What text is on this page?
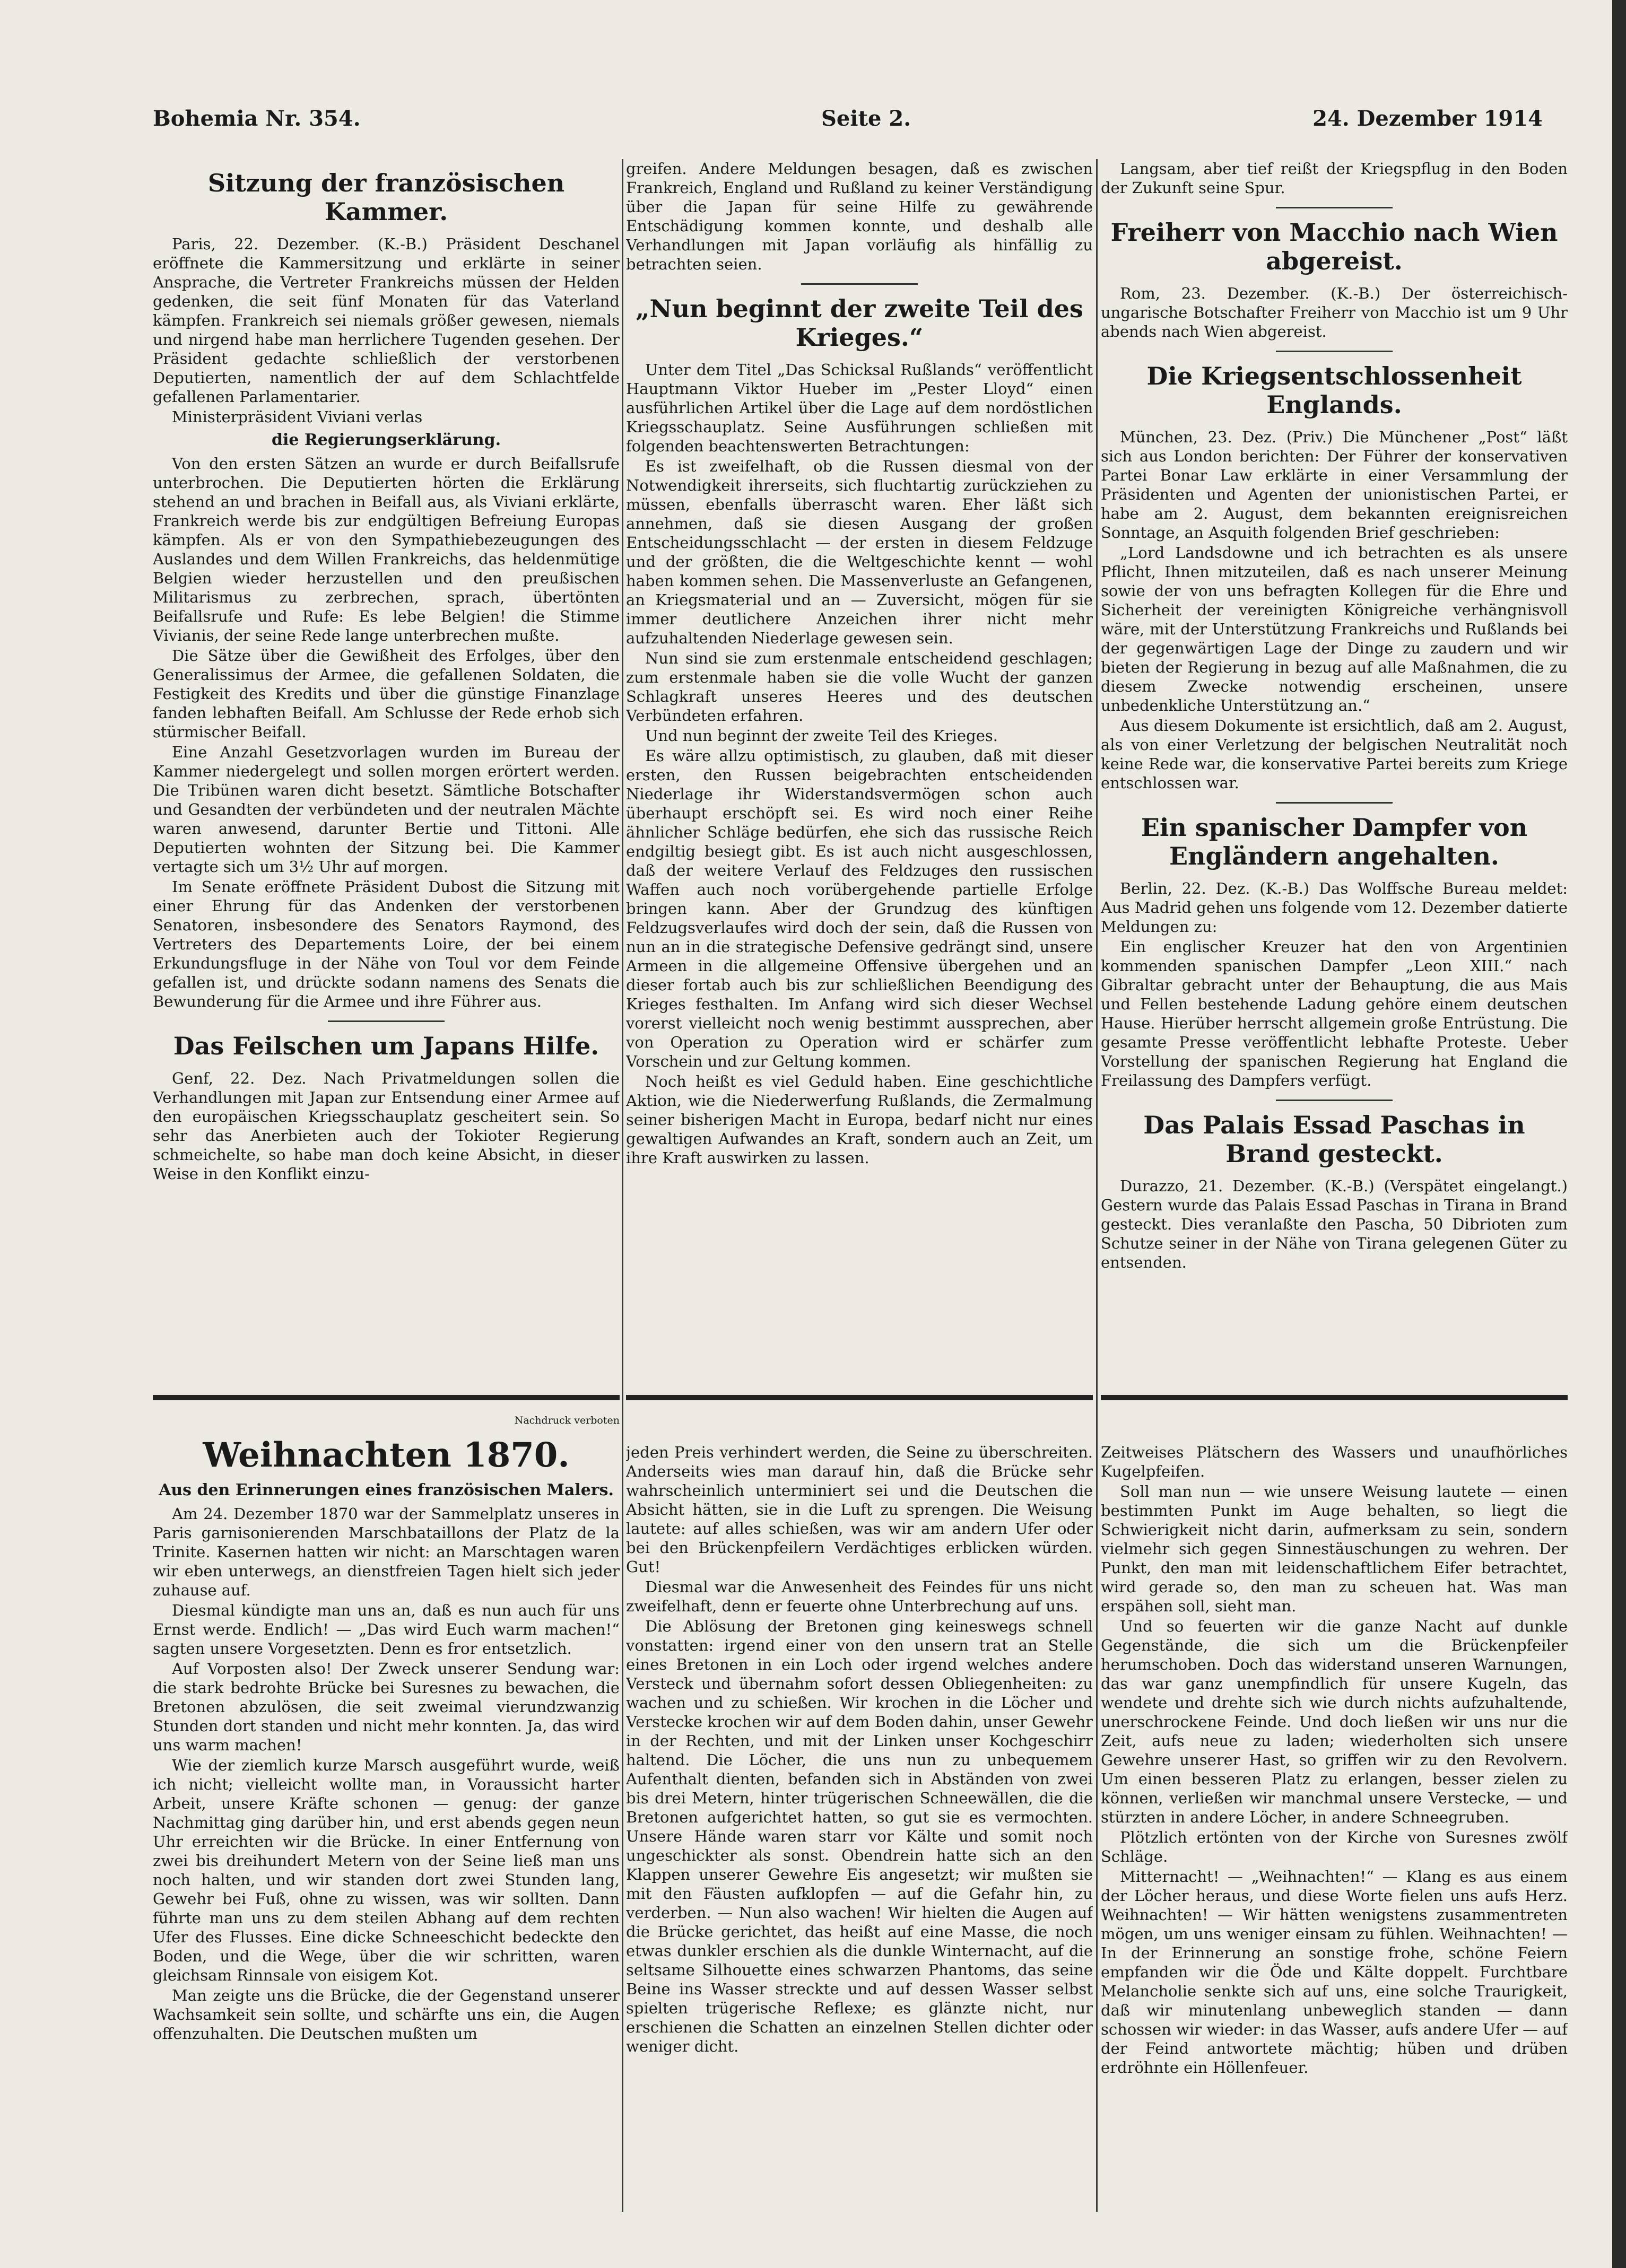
Bohemia Nr. 354.	Seite 2.	24. Dezember 1914
Sitzung der französischen Kammer.

Paris, 22. Dezember. (K.-B.) Präsident Deschanel eröffnete die Kammersitzung und erklärte in seiner Ansprache, die Vertreter Frankreichs müssen der Helden gedenken, die seit fünf Monaten für das Vaterland kämpfen. Frankreich sei niemals größer gewesen, niemals und nirgend habe man herrlichere Tugenden gesehen. Der Präsident gedachte schließlich der verstorbenen Deputierten, namentlich der auf dem Schlachtfelde gefallenen Parlamentarier.

Ministerpräsident Viviani verlas

die Regierungserklärung.

Von den ersten Sätzen an wurde er durch Beifallsrufe unterbrochen. Die Deputierten hörten die Erklärung stehend an und brachen in Beifall aus, als Viviani erklärte, Frankreich werde bis zur endgültigen Befreiung Europas kämpfen. Als er von den Sympathiebezeugungen des Auslandes und dem Willen Frankreichs, das heldenmütige Belgien wieder herzustellen und den preußischen Militarismus zu zerbrechen, sprach, übertönten Beifallsrufe und Rufe: Es lebe Belgien! die Stimme Vivianis, der seine Rede lange unterbrechen mußte.

Die Sätze über die Gewißheit des Erfolges, über den Generalissimus der Armee, die gefallenen Soldaten, die Festigkeit des Kredits und über die günstige Finanzlage fanden lebhaften Beifall. Am Schlusse der Rede erhob sich stürmischer Beifall.

Eine Anzahl Gesetzvorlagen wurden im Bureau der Kammer niedergelegt und sollen morgen erörtert werden. Die Tribünen waren dicht besetzt. Sämtliche Botschafter und Gesandten der verbündeten und der neutralen Mächte waren anwesend, darunter Bertie und Tittoni. Alle Deputierten wohnten der Sitzung bei. Die Kammer vertagte sich um 3½ Uhr auf morgen.

Im Senate eröffnete Präsident Dubost die Sitzung mit einer Ehrung für das Andenken der verstorbenen Senatoren, insbesondere des Senators Raymond, des Vertreters des Departements Loire, der bei einem Erkundungsfluge in der Nähe von Toul vor dem Feinde gefallen ist, und drückte sodann namens des Senats die Bewunderung für die Armee und ihre Führer aus.

Das Feilschen um Japans Hilfe.

Genf, 22. Dez. Nach Privatmeldungen sollen die Verhandlungen mit Japan zur Entsendung einer Armee auf den europäischen Kriegsschauplatz gescheitert sein. So sehr das Anerbieten auch der Tokioter Regierung schmeichelte, so habe man doch keine Absicht, in dieser Weise in den Konflikt einzu-

greifen. Andere Meldungen besagen, daß es zwischen Frankreich, England und Rußland zu keiner Verständigung über die Japan für seine Hilfe zu gewährende Entschädigung kommen konnte, und deshalb alle Verhandlungen mit Japan vorläufig als hinfällig zu betrachten seien.

„Nun beginnt der zweite Teil des Krieges.“

Unter dem Titel „Das Schicksal Rußlands“ veröffentlicht Hauptmann Viktor Hueber im „Pester Lloyd“ einen ausführlichen Artikel über die Lage auf dem nordöstlichen Kriegsschauplatz. Seine Ausführungen schließen mit folgenden beachtenswerten Betrachtungen:

Es ist zweifelhaft, ob die Russen diesmal von der Notwendigkeit ihrerseits, sich fluchtartig zurückziehen zu müssen, ebenfalls überrascht waren. Eher läßt sich annehmen, daß sie diesen Ausgang der großen Entscheidungsschlacht — der ersten in diesem Feldzuge und der größten, die die Weltgeschichte kennt — wohl haben kommen sehen. Die Massenverluste an Gefangenen, an Kriegsmaterial und an — Zuversicht, mögen für sie immer deutlichere Anzeichen ihrer nicht mehr aufzuhaltenden Niederlage gewesen sein.

Nun sind sie zum erstenmale entscheidend geschlagen; zum erstenmale haben sie die volle Wucht der ganzen Schlagkraft unseres Heeres und des deutschen Verbündeten erfahren.

Und nun beginnt der zweite Teil des Krieges.

Es wäre allzu optimistisch, zu glauben, daß mit dieser ersten, den Russen beigebrachten entscheidenden Niederlage ihr Widerstandsvermögen schon auch überhaupt erschöpft sei. Es wird noch einer Reihe ähnlicher Schläge bedürfen, ehe sich das russische Reich endgiltig besiegt gibt. Es ist auch nicht ausgeschlossen, daß der weitere Verlauf des Feldzuges den russischen Waffen auch noch vorübergehende partielle Erfolge bringen kann. Aber der Grundzug des künftigen Feldzugsverlaufes wird doch der sein, daß die Russen von nun an in die strategische Defensive gedrängt sind, unsere Armeen in die allgemeine Offensive übergehen und an dieser fortab auch bis zur schließlichen Beendigung des Krieges festhalten. Im Anfang wird sich dieser Wechsel vorerst vielleicht noch wenig bestimmt aussprechen, aber von Operation zu Operation wird er schärfer zum Vorschein und zur Geltung kommen.

Noch heißt es viel Geduld haben. Eine geschichtliche Aktion, wie die Niederwerfung Rußlands, die Zermalmung seiner bisherigen Macht in Europa, bedarf nicht nur eines gewaltigen Aufwandes an Kraft, sondern auch an Zeit, um ihre Kraft auswirken zu lassen.

Langsam, aber tief reißt der Kriegspflug in den Boden der Zukunft seine Spur.

Freiherr von Macchio nach Wien abgereist.

Rom, 23. Dezember. (K.-B.) Der österreichisch-ungarische Botschafter Freiherr von Macchio ist um 9 Uhr abends nach Wien abgereist.

Die Kriegsentschlossenheit Englands.

München, 23. Dez. (Priv.) Die Münchener „Post“ läßt sich aus London berichten: Der Führer der konservativen Partei Bonar Law erklärte in einer Versammlung der Präsidenten und Agenten der unionistischen Partei, er habe am 2. August, dem bekannten ereignisreichen Sonntage, an Asquith folgenden Brief geschrieben:

„Lord Landsdowne und ich betrachten es als unsere Pflicht, Ihnen mitzuteilen, daß es nach unserer Meinung sowie der von uns befragten Kollegen für die Ehre und Sicherheit der vereinigten Königreiche verhängnisvoll wäre, mit der Unterstützung Frankreichs und Rußlands bei der gegenwärtigen Lage der Dinge zu zaudern und wir bieten der Regierung in bezug auf alle Maßnahmen, die zu diesem Zwecke notwendig erscheinen, unsere unbedenkliche Unterstützung an.“

Aus diesem Dokumente ist ersichtlich, daß am 2. August, als von einer Verletzung der belgischen Neutralität noch keine Rede war, die konservative Partei bereits zum Kriege entschlossen war.

Ein spanischer Dampfer von Engländern angehalten.

Berlin, 22. Dez. (K.-B.) Das Wolffsche Bureau meldet: Aus Madrid gehen uns folgende vom 12. Dezember datierte Meldungen zu:

Ein englischer Kreuzer hat den von Argentinien kommenden spanischen Dampfer „Leon XIII.“ nach Gibraltar gebracht unter der Behauptung, die aus Mais und Fellen bestehende Ladung gehöre einem deutschen Hause. Hierüber herrscht allgemein große Entrüstung. Die gesamte Presse veröffentlicht lebhafte Proteste. Ueber Vorstellung der spanischen Regierung hat England die Freilassung des Dampfers verfügt.

Das Palais Essad Paschas in Brand gesteckt.

Durazzo, 21. Dezember. (K.-B.) (Verspätet eingelangt.) Gestern wurde das Palais Essad Paschas in Tirana in Brand gesteckt. Dies veranlaßte den Pascha, 50 Dibrioten zum Schutze seiner in der Nähe von Tirana gelegenen Güter zu entsenden.

Nachdruck verboten
Weihnachten 1870.
Aus den Erinnerungen eines französischen Malers.

Am 24. Dezember 1870 war der Sammelplatz unseres in Paris garnisonierenden Marschbataillons der Platz de la Trinite. Kasernen hatten wir nicht: an Marschtagen waren wir eben unterwegs, an dienstfreien Tagen hielt sich jeder zuhause auf.

Diesmal kündigte man uns an, daß es nun auch für uns Ernst werde. Endlich! — „Das wird Euch warm machen!“ sagten unsere Vorgesetzten. Denn es fror entsetzlich.

Auf Vorposten also! Der Zweck unserer Sendung war: die stark bedrohte Brücke bei Suresnes zu bewachen, die Bretonen abzulösen, die seit zweimal vierundzwanzig Stunden dort standen und nicht mehr konnten. Ja, das wird uns warm machen!

Wie der ziemlich kurze Marsch ausgeführt wurde, weiß ich nicht; vielleicht wollte man, in Voraussicht harter Arbeit, unsere Kräfte schonen — genug: der ganze Nachmittag ging darüber hin, und erst abends gegen neun Uhr erreichten wir die Brücke. In einer Entfernung von zwei bis dreihundert Metern von der Seine ließ man uns noch halten, und wir standen dort zwei Stunden lang, Gewehr bei Fuß, ohne zu wissen, was wir sollten. Dann führte man uns zu dem steilen Abhang auf dem rechten Ufer des Flusses. Eine dicke Schneeschicht bedeckte den Boden, und die Wege, über die wir schritten, waren gleichsam Rinnsale von eisigem Kot.

Man zeigte uns die Brücke, die der Gegenstand unserer Wachsamkeit sein sollte, und schärfte uns ein, die Augen offenzuhalten. Die Deutschen mußten um

jeden Preis verhindert werden, die Seine zu überschreiten. Anderseits wies man darauf hin, daß die Brücke sehr wahrscheinlich unterminiert sei und die Deutschen die Absicht hätten, sie in die Luft zu sprengen. Die Weisung lautete: auf alles schießen, was wir am andern Ufer oder bei den Brückenpfeilern Verdächtiges erblicken würden. Gut!

Diesmal war die Anwesenheit des Feindes für uns nicht zweifelhaft, denn er feuerte ohne Unterbrechung auf uns.

Die Ablösung der Bretonen ging keineswegs schnell vonstatten: irgend einer von den unsern trat an Stelle eines Bretonen in ein Loch oder irgend welches andere Versteck und übernahm sofort dessen Obliegenheiten: zu wachen und zu schießen. Wir krochen in die Löcher und Verstecke krochen wir auf dem Boden dahin, unser Gewehr in der Rechten, und mit der Linken unser Kochgeschirr haltend. Die Löcher, die uns nun zu unbequemem Aufenthalt dienten, befanden sich in Abständen von zwei bis drei Metern, hinter trügerischen Schneewällen, die die Bretonen aufgerichtet hatten, so gut sie es vermochten. Unsere Hände waren starr vor Kälte und somit noch ungeschickter als sonst. Obendrein hatte sich an den Klappen unserer Gewehre Eis angesetzt; wir mußten sie mit den Fäusten aufklopfen — auf die Gefahr hin, zu verderben. — Nun also wachen! Wir hielten die Augen auf die Brücke gerichtet, das heißt auf eine Masse, die noch etwas dunkler erschien als die dunkle Winternacht, auf die seltsame Silhouette eines schwarzen Phantoms, das seine Beine ins Wasser streckte und auf dessen Wasser selbst spielten trügerische Reflexe; es glänzte nicht, nur erschienen die Schatten an einzelnen Stellen dichter oder weniger dicht.

Zeitweises Plätschern des Wassers und unaufhörliches Kugelpfeifen.

Soll man nun — wie unsere Weisung lautete — einen bestimmten Punkt im Auge behalten, so liegt die Schwierigkeit nicht darin, aufmerksam zu sein, sondern vielmehr sich gegen Sinnestäuschungen zu wehren. Der Punkt, den man mit leidenschaftlichem Eifer betrachtet, wird gerade so, den man zu scheuen hat. Was man erspähen soll, sieht man.

Und so feuerten wir die ganze Nacht auf dunkle Gegenstände, die sich um die Brückenpfeiler herumschoben. Doch das widerstand unseren Warnungen, das war ganz unempfindlich für unsere Kugeln, das wendete und drehte sich wie durch nichts aufzuhaltende, unerschrockene Feinde. Und doch ließen wir uns nur die Zeit, aufs neue zu laden; wiederholten sich unsere Gewehre unserer Hast, so griffen wir zu den Revolvern. Um einen besseren Platz zu erlangen, besser zielen zu können, verließen wir manchmal unsere Verstecke, — und stürzten in andere Löcher, in andere Schneegruben.

Plötzlich ertönten von der Kirche von Suresnes zwölf Schläge.

Mitternacht! — „Weihnachten!“ — Klang es aus einem der Löcher heraus, und diese Worte fielen uns aufs Herz. Weihnachten! — Wir hätten wenigstens zusammentreten mögen, um uns weniger einsam zu fühlen. Weihnachten! — In der Erinnerung an sonstige frohe, schöne Feiern empfanden wir die Öde und Kälte doppelt. Furchtbare Melancholie senkte sich auf uns, eine solche Traurigkeit, daß wir minutenlang unbeweglich standen — dann schossen wir wieder: in das Wasser, aufs andere Ufer — auf der Feind antwortete mächtig; hüben und drüben erdröhnte ein Höllenfeuer.
